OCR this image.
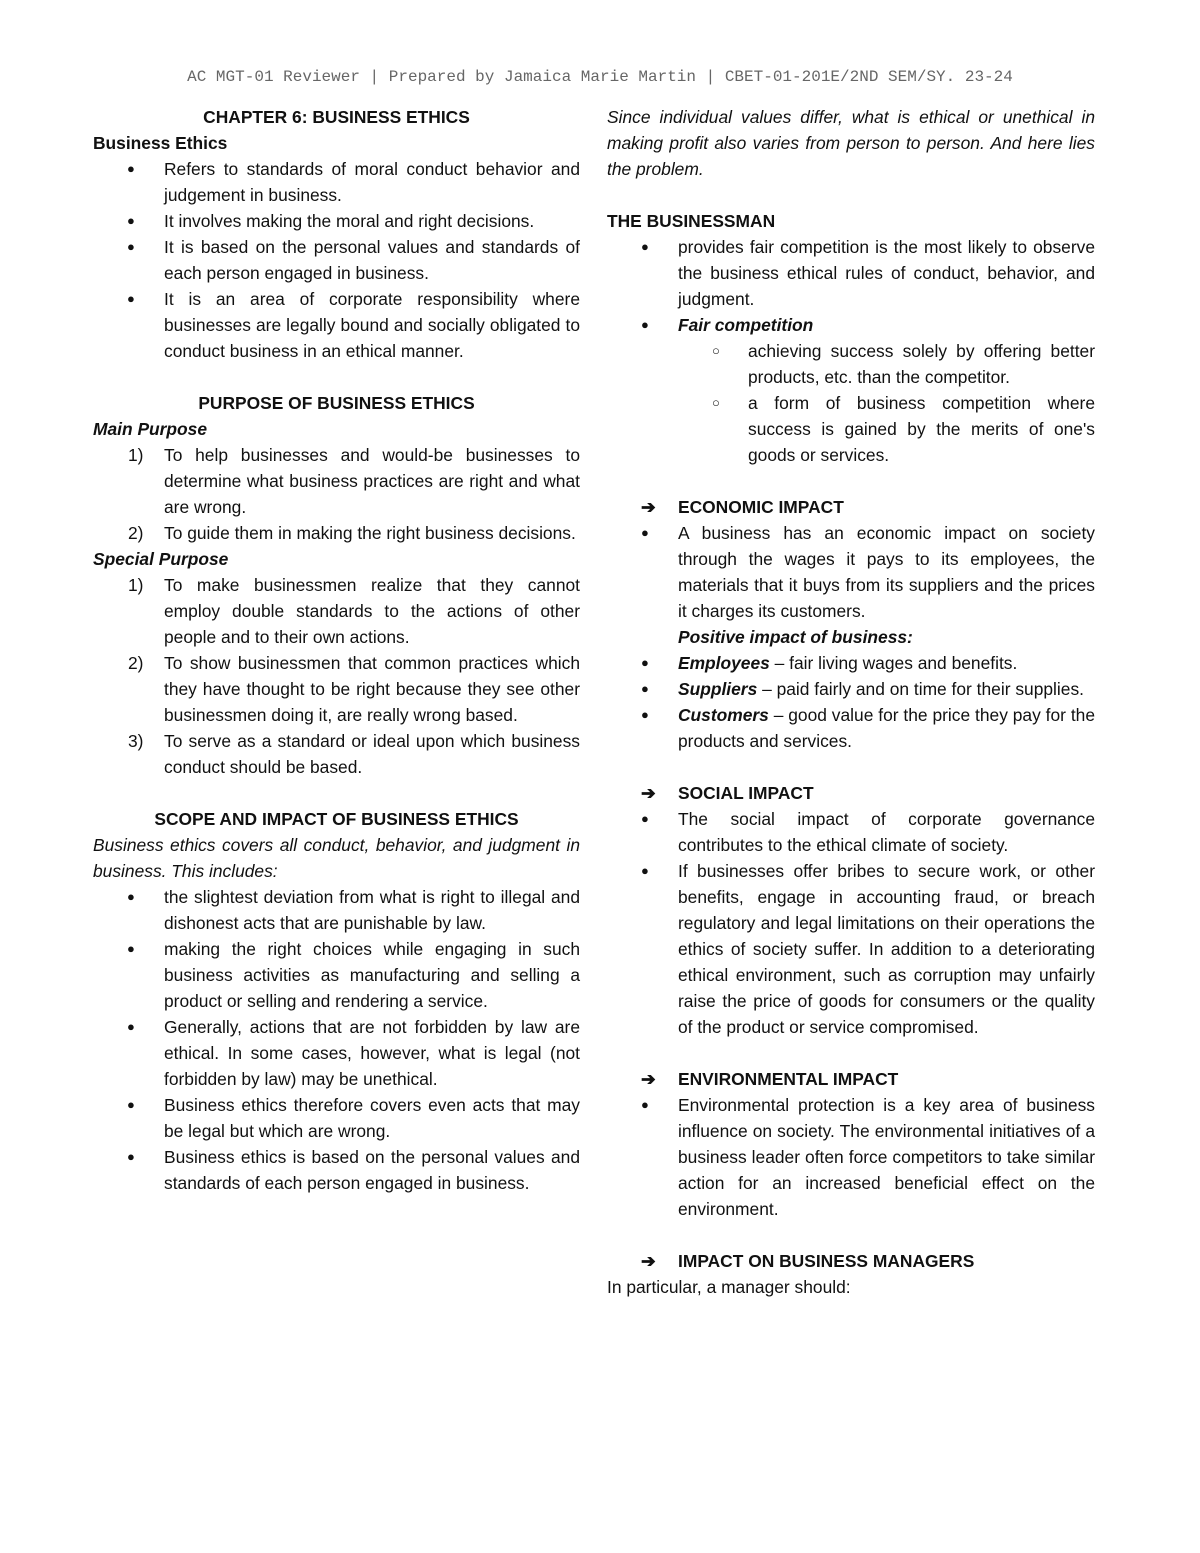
AC MGT-01 Reviewer | Prepared by Jamaica Marie Martin | CBET-01-201E/2ND SEM/SY. 23-24

CHAPTER 6: BUSINESS ETHICS

Business Ethics

● Refers to standards of moral conduct behavior and judgement in business.
● It involves making the moral and right decisions.
● It is based on the personal values and standards of each person engaged in business.
● It is an area of corporate responsibility where businesses are legally bound and socially obligated to conduct business in an ethical manner.

PURPOSE OF BUSINESS ETHICS

Main Purpose

1) To help businesses and would-be businesses to determine what business practices are right and what are wrong.
2) To guide them in making the right business decisions.

Special Purpose

1) To make businessmen realize that they cannot employ double standards to the actions of other people and to their own actions.
2) To show businessmen that common practices which they have thought to be right because they see other businessmen doing it, are really wrong based.
3) To serve as a standard or ideal upon which business conduct should be based.

SCOPE AND IMPACT OF BUSINESS ETHICS

Business ethics covers all conduct, behavior, and judgment in business. This includes:

● the slightest deviation from what is right to illegal and dishonest acts that are punishable by law.
● making the right choices while engaging in such business activities as manufacturing and selling a product or selling and rendering a service.
● Generally, actions that are not forbidden by law are ethical. In some cases, however, what is legal (not forbidden by law) may be unethical.
● Business ethics therefore covers even acts that may be legal but which are wrong.
● Business ethics is based on the personal values and standards of each person engaged in business.

Since individual values differ, what is ethical or unethical in making profit also varies from person to person. And here lies the problem.

THE BUSINESSMAN

● provides fair competition is the most likely to observe the business ethical rules of conduct, behavior, and judgment.
● Fair competition
○ achieving success solely by offering better products, etc. than the competitor.
○ a form of business competition where success is gained by the merits of one's goods or services.
➔ ECONOMIC IMPACT
● A business has an economic impact on society through the wages it pays to its employees, the materials that it buys from its suppliers and the prices it charges its customers.

Positive impact of business:

● Employees – fair living wages and benefits.
● Suppliers – paid fairly and on time for their supplies.
● Customers – good value for the price they pay for the products and services.
➔ SOCIAL IMPACT
● The social impact of corporate governance contributes to the ethical climate of society.
● If businesses offer bribes to secure work, or other benefits, engage in accounting fraud, or breach regulatory and legal limitations on their operations the ethics of society suffer. In addition to a deteriorating ethical environment, such as corruption may unfairly raise the price of goods for consumers or the quality of the product or service compromised.
➔ ENVIRONMENTAL IMPACT
● Environmental protection is a key area of business influence on society. The environmental initiatives of a business leader often force competitors to take similar action for an increased beneficial effect on the environment.
➔ IMPACT ON BUSINESS MANAGERS

In particular, a manager should:
